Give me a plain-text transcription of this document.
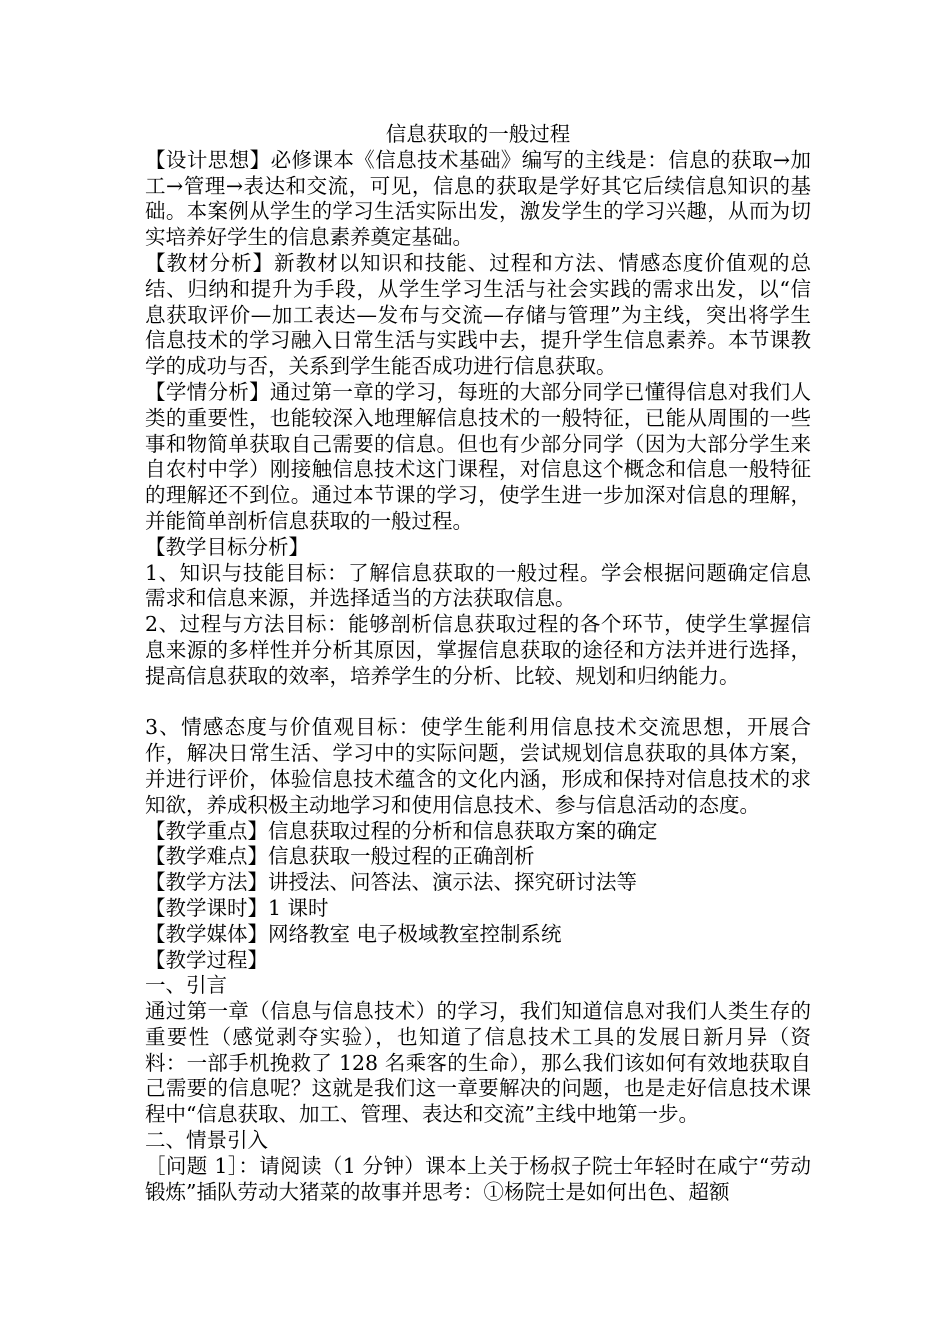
信息获取的一般过程

【设计思想】必修课本《信息技术基础》编写的主线是：信息的获取→加工→管理→表达和交流，可见，信息的获取是学好其它后续信息知识的基础。本案例从学生的学习生活实际出发，激发学生的学习兴趣，从而为切实培养好学生的信息素养奠定基础。

【教材分析】新教材以知识和技能、过程和方法、情感态度价值观的总结、归纳和提升为手段，从学生学习生活与社会实践的需求出发，以“信息获取评价—加工表达—发布与交流—存储与管理”为主线，突出将学生信息技术的学习融入日常生活与实践中去，提升学生信息素养。本节课教学的成功与否，关系到学生能否成功进行信息获取。

【学情分析】通过第一章的学习，每班的大部分同学已懂得信息对我们人类的重要性，也能较深入地理解信息技术的一般特征，已能从周围的一些事和物简单获取自己需要的信息。但也有少部分同学（因为大部分学生来自农村中学）刚接触信息技术这门课程，对信息这个概念和信息一般特征的理解还不到位。通过本节课的学习，使学生进一步加深对信息的理解，并能简单剖析信息获取的一般过程。

【教学目标分析】

1、知识与技能目标：了解信息获取的一般过程。学会根据问题确定信息需求和信息来源，并选择适当的方法获取信息。

2、过程与方法目标：能够剖析信息获取过程的各个环节，使学生掌握信息来源的多样性并分析其原因，掌握信息获取的途径和方法并进行选择，提高信息获取的效率，培养学生的分析、比较、规划和归纳能力。

3、情感态度与价值观目标：使学生能利用信息技术交流思想，开展合作，解决日常生活、学习中的实际问题，尝试规划信息获取的具体方案，并进行评价，体验信息技术蕴含的文化内涵，形成和保持对信息技术的求知欲，养成积极主动地学习和使用信息技术、参与信息活动的态度。

【教学重点】信息获取过程的分析和信息获取方案的确定

【教学难点】信息获取一般过程的正确剖析

【教学方法】讲授法、问答法、演示法、探究研讨法等

【教学课时】1 课时

【教学媒体】网络教室 电子极域教室控制系统

【教学过程】

一、引言

通过第一章（信息与信息技术）的学习，我们知道信息对我们人类生存的重要性（感觉剥夺实验），也知道了信息技术工具的发展日新月异（资料：一部手机挽救了 128 名乘客的生命），那么我们该如何有效地获取自己需要的信息呢？这就是我们这一章要解决的问题，也是走好信息技术课程中“信息获取、加工、管理、表达和交流”主线中地第一步。

二、情景引入

［问题 1］：请阅读（1 分钟）课本上关于杨叔子院士年轻时在咸宁“劳动锻炼”插队劳动大猪菜的故事并思考：①杨院士是如何出色、超额
